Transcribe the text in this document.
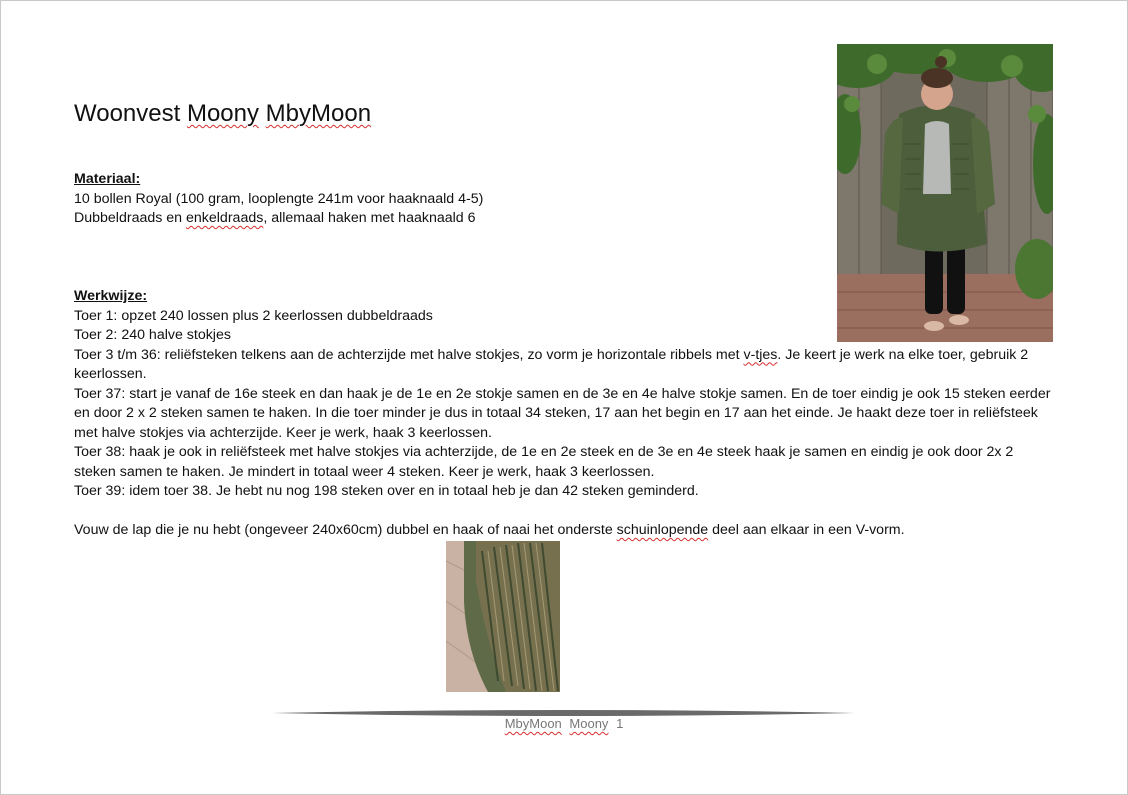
Woonvest Moony MbyMoon
Materiaal:
10 bollen Royal (100 gram, looplengte 241m voor haaknaald 4-5)
Dubbeldraads en enkeldraads, allemaal haken met haaknaald 6
Werkwijze:
Toer 1: opzet 240 lossen plus 2 keerlossen dubbeldraads
Toer 2: 240 halve stokjes
Toer 3 t/m 36: reliëfsteken telkens aan de achterzijde met halve stokjes, zo vorm je horizontale ribbels met v-tjes. Je keert je werk na elke toer, gebruik 2 keerlossen.
Toer 37: start je vanaf de 16e steek en dan haak je de 1e en 2e stokje samen en de 3e en 4e halve stokje samen. En de toer eindig je ook 15 steken eerder en door 2 x 2 steken samen te haken. In die toer minder je dus in totaal 34 steken, 17 aan het begin en 17 aan het einde. Je haakt deze toer in reliëfsteek met halve stokjes via achterzijde. Keer je werk, haak 3 keerlossen.
Toer 38: haak je ook in reliëfsteek met halve stokjes via achterzijde, de 1e en 2e steek en de 3e en 4e steek haak je samen en eindig je ook door 2x 2 steken samen te haken. Je mindert in totaal weer 4 steken. Keer je werk, haak 3 keerlossen.
Toer 39: idem toer 38. Je hebt nu nog 198 steken over en in totaal heb je dan 42 steken geminderd.
Vouw de lap die je nu hebt (ongeveer 240x60cm) dubbel en haak of naai het onderste schuinlopende deel aan elkaar in een V-vorm.
MbyMoon Moony 1
